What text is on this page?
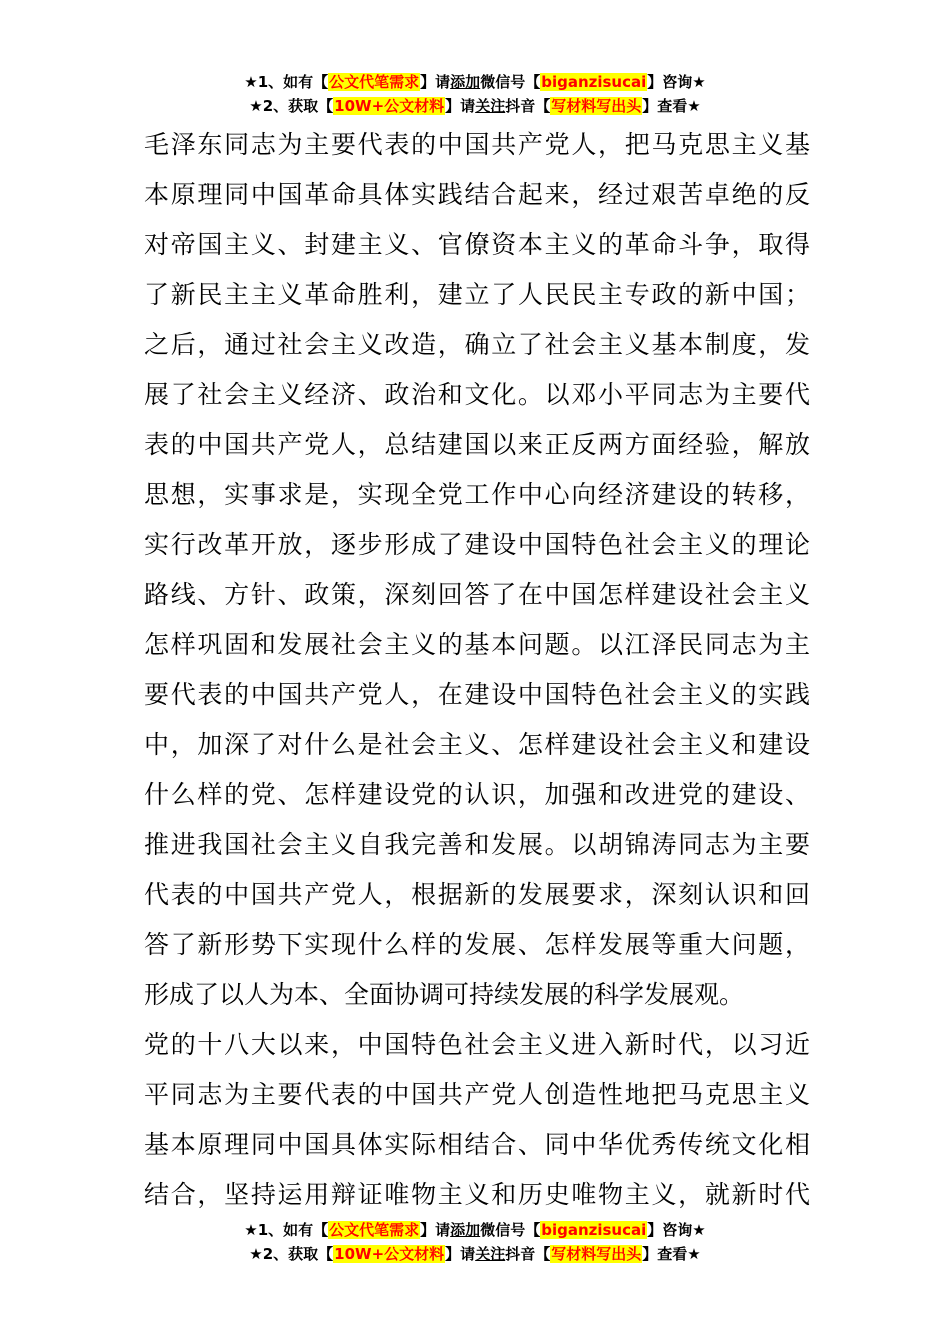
★1、如有【公文代笔需求】请添加微信号【biganzisucai】咨询★
★2、获取【10W+公文材料】请关注抖音【写材料写出头】查看★
毛泽东同志为主要代表的中国共产党人，把马克思主义基
本原理同中国革命具体实践结合起来，经过艰苦卓绝的反
对帝国主义、封建主义、官僚资本主义的革命斗争，取得
了新民主主义革命胜利，建立了人民民主专政的新中国；
之后，通过社会主义改造，确立了社会主义基本制度，发
展了社会主义经济、政治和文化。以邓小平同志为主要代
表的中国共产党人，总结建国以来正反两方面经验，解放
思想，实事求是，实现全党工作中心向经济建设的转移，
实行改革开放，逐步形成了建设中国特色社会主义的理论
路线、方针、政策，深刻回答了在中国怎样建设社会主义
怎样巩固和发展社会主义的基本问题。以江泽民同志为主
要代表的中国共产党人，在建设中国特色社会主义的实践
中，加深了对什么是社会主义、怎样建设社会主义和建设
什么样的党、怎样建设党的认识，加强和改进党的建设、
推进我国社会主义自我完善和发展。以胡锦涛同志为主要
代表的中国共产党人，根据新的发展要求，深刻认识和回
答了新形势下实现什么样的发展、怎样发展等重大问题，
形成了以人为本、全面协调可持续发展的科学发展观。
党的十八大以来，中国特色社会主义进入新时代，以习近
平同志为主要代表的中国共产党人创造性地把马克思主义
基本原理同中国具体实际相结合、同中华优秀传统文化相
结合，坚持运用辩证唯物主义和历史唯物主义，就新时代
★1、如有【公文代笔需求】请添加微信号【biganzisucai】咨询★
★2、获取【10W+公文材料】请关注抖音【写材料写出头】查看★
